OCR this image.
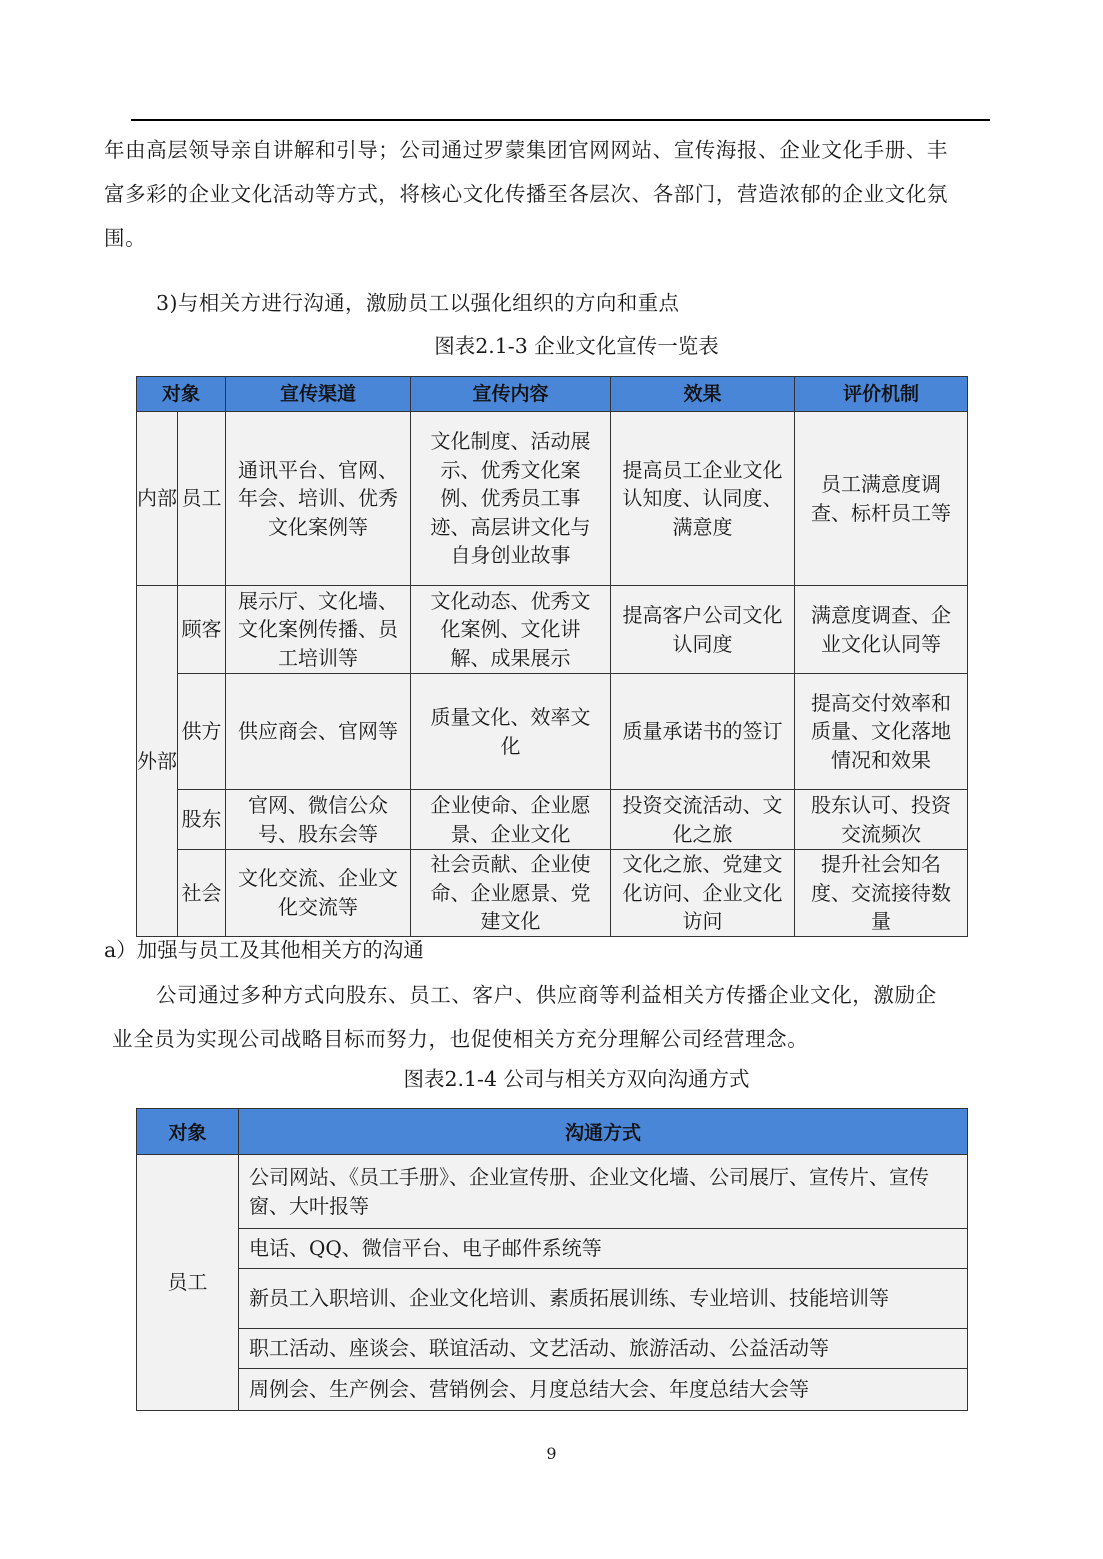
年由高层领导亲自讲解和引导；公司通过罗蒙集团官网网站、宣传海报、企业文化手册、丰
富多彩的企业文化活动等方式，将核心文化传播至各层次、各部门，营造浓郁的企业文化氛
围。
3)与相关方进行沟通，激励员工以强化组织的方向和重点
图表2.1-3 企业文化宣传一览表
对象		宣传渠道	宣传内容	效果	评价机制
内部	员工	通讯平台、官网、年会、培训、优秀文化案例等	文化制度、活动展示、优秀文化案例、优秀员工事迹、高层讲文化与自身创业故事	提高员工企业文化认知度、认同度、满意度	员工满意度调查、标杆员工等
外部	顾客	展示厅、文化墙、文化案例传播、员工培训等	文化动态、优秀文化案例、文化讲解、成果展示	提高客户公司文化认同度	满意度调查、企业文化认同等
	供方	供应商会、官网等	质量文化、效率文化	质量承诺书的签订	提高交付效率和质量、文化落地情况和效果
	股东	官网、微信公众号、股东会等	企业使命、企业愿景、企业文化	投资交流活动、文化之旅	股东认可、投资交流频次
	社会	文化交流、企业文化交流等	社会贡献、企业使命、企业愿景、党建文化	文化之旅、党建文化访问、企业文化访问	提升社会知名度、交流接待数量
a）加强与员工及其他相关方的沟通
公司通过多种方式向股东、员工、客户、供应商等利益相关方传播企业文化，激励企
业全员为实现公司战略目标而努力，也促使相关方充分理解公司经营理念。
图表2.1-4 公司与相关方双向沟通方式
对象	沟通方式
员工	公司网站、《员工手册》、企业宣传册、企业文化墙、公司展厅、宣传片、宣传窗、大叶报等
	电话、QQ、微信平台、电子邮件系统等
	新员工入职培训、企业文化培训、素质拓展训练、专业培训、技能培训等
	职工活动、座谈会、联谊活动、文艺活动、旅游活动、公益活动等
	周例会、生产例会、营销例会、月度总结大会、年度总结大会等
9
